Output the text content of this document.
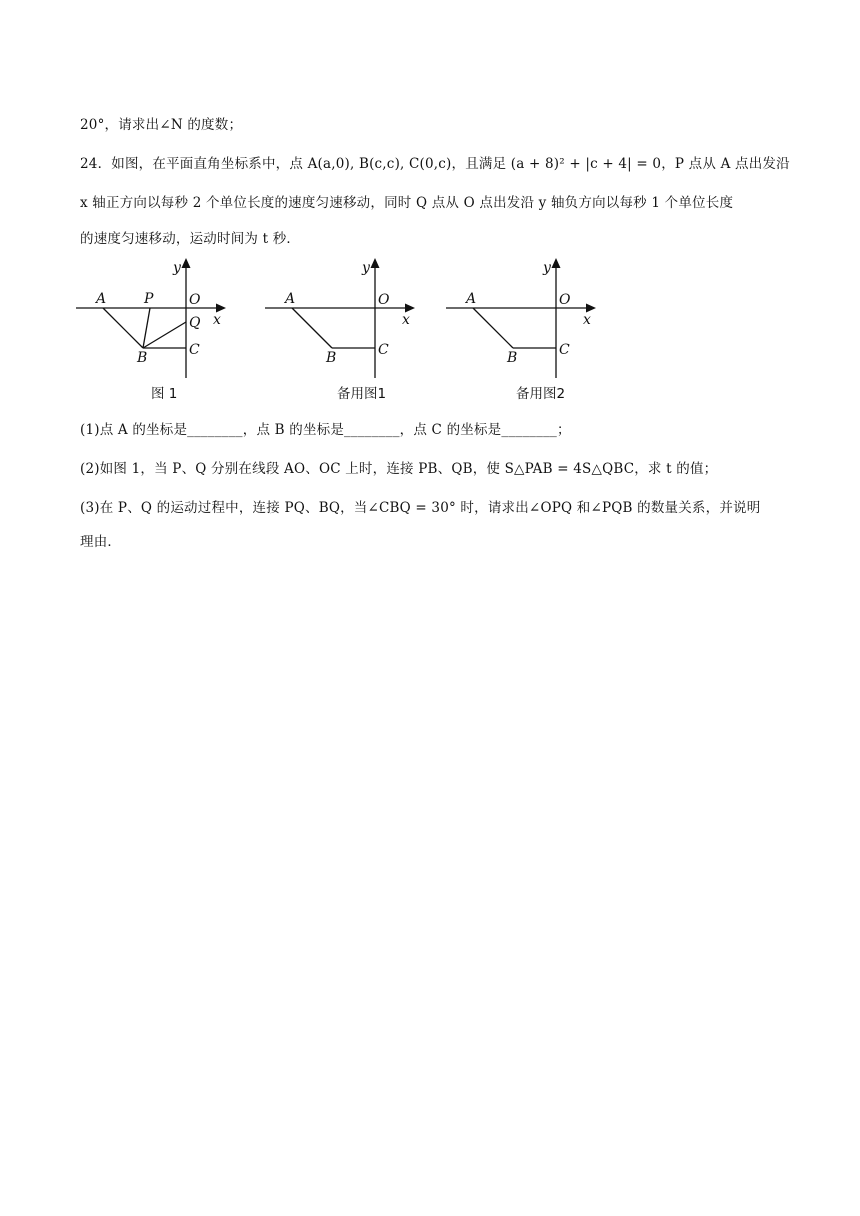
20°，请求出∠N 的度数；
24．如图，在平面直角坐标系中，点 A(a,0), B(c,c), C(0,c)，且满足 (a + 8)² + |c + 4| = 0，P 点从 A 点出发沿
x 轴正方向以每秒 2 个单位长度的速度匀速移动，同时 Q 点从 O 点出发沿 y 轴负方向以每秒 1 个单位长度
的速度匀速移动，运动时间为 t 秒．
y
x
A	P	O
Q
B	C
图 1
y
x
A	O
B	C
备用图1
y
x
A	O
B	C
备用图2
(1)点 A 的坐标是________，点 B 的坐标是________，点 C 的坐标是________；
(2)如图 1，当 P、Q 分别在线段 AO、OC 上时，连接 PB、QB，使 S△PAB = 4S△QBC，求 t 的值；
(3)在 P、Q 的运动过程中，连接 PQ、BQ，当∠CBQ = 30° 时，请求出∠OPQ 和∠PQB 的数量关系，并说明
理由．
